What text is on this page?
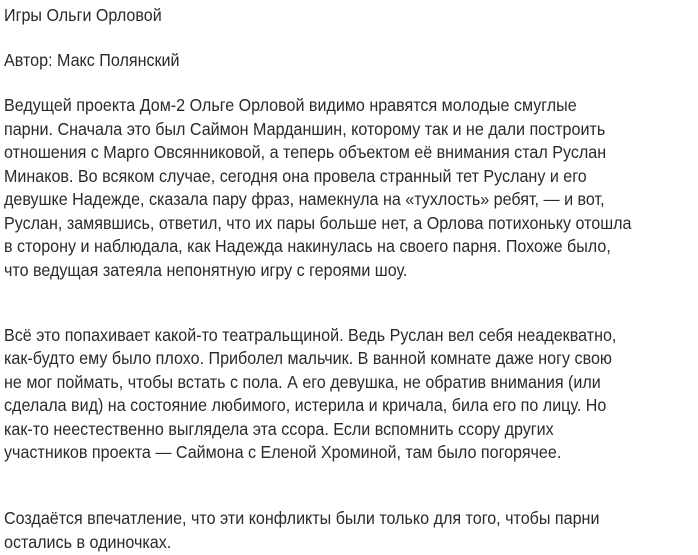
Игры Ольги Орловой
Автор: Макс Полянский
Ведущей проекта Дом-2 Ольге Орловой видимо нравятся молодые смуглые
парни. Сначала это был Саймон Марданшин, которому так и не дали построить
отношения с Марго Овсянниковой, а теперь объектом её внимания стал Руслан
Минаков. Во всяком случае, сегодня она провела странный тет Руслану и его
девушке Надежде, сказала пару фраз, намекнула на «тухлость» ребят, — и вот,
Руслан, замявшись, ответил, что их пары больше нет, а Орлова потихоньку отошла
в сторону и наблюдала, как Надежда накинулась на своего парня. Похоже было,
что ведущая затеяла непонятную игру с героями шоу.
Всё это попахивает какой-то театральщиной. Ведь Руслан вел себя неадекватно,
как-будто ему было плохо. Приболел мальчик. В ванной комнате даже ногу свою
не мог поймать, чтобы встать с пола. А его девушка, не обратив внимания (или
сделала вид) на состояние любимого, истерила и кричала, била его по лицу. Но
как-то неестественно выглядела эта ссора. Если вспомнить ссору других
участников проекта — Саймона с Еленой Хроминой, там было погорячее.
Создаётся впечатление, что эти конфликты были только для того, чтобы парни
остались в одиночках.
